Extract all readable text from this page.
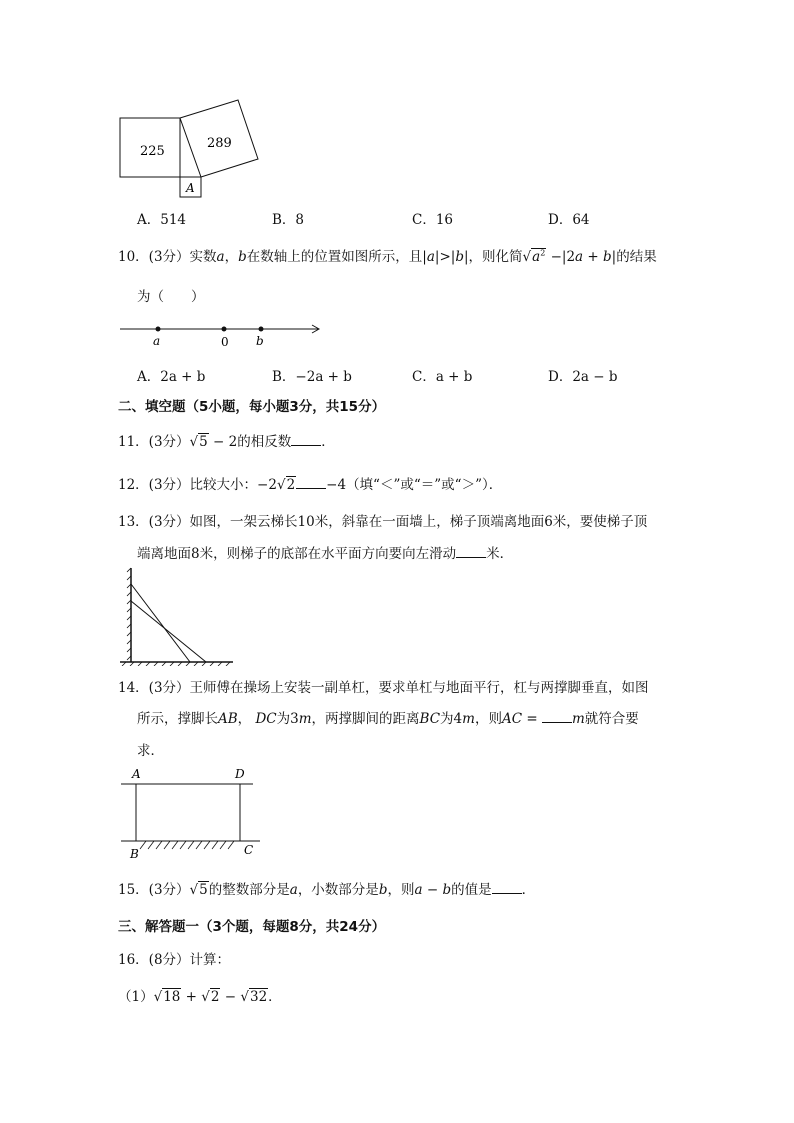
225
289
A
A．514	B．8	C．16	D．64
10．(3分）实数a，b在数轴上的位置如图所示，且|a|>|b|，则化简$√a^2 -|2a + b|$的结果
为（　　）
a	0 b
A．2a + b	B．−2a + b	C．a + b	D．2a − b
二、填空题（5小题，每小题3分，共15分）
11．(3分）√5 − 2的相反数 ．
12．(3分）比较大小：−2√2 −4（填“＜”或“＝”或“＞”）．
13．(3分）如图，一架云梯长10米，斜靠在一面墙上，梯子顶端离地面6米，要使梯子顶
端离地面8米，则梯子的底部在水平面方向要向左滑动 米．
14．(3分）王师傅在操场上安装一副单杠，要求单杠与地面平行，杠与两撑脚垂直，如图
所示，撑脚长AB， DC为3m，两撑脚间的距离BC为4m，则AC = m就符合要
求．
A	D
B	C
15．(3分）√5的整数部分是a，小数部分是b，则a − b的值是 ．
三、解答题一（3个题，每题8分，共24分）
16．(8分）计算：
（1）√18 + √2 − √32．
